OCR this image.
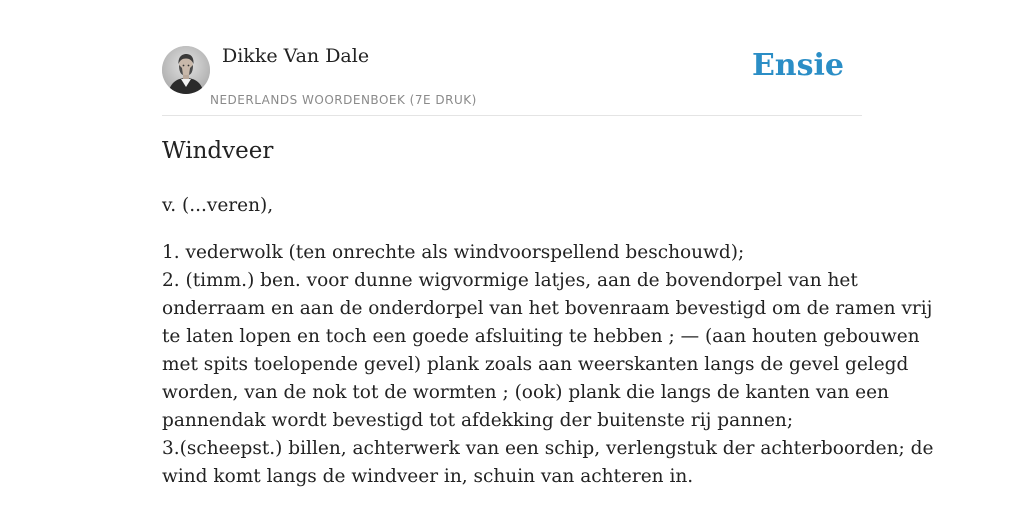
Dikke Van Dale
NEDERLANDS WOORDENBOEK (7E DRUK)
Ensie
Windveer

v. (...veren),

1. vederwolk (ten onrechte als windvoorspellend beschouwd);
2. (timm.) ben. voor dunne wigvormige latjes, aan de bovendorpel van het
onderraam en aan de onderdorpel van het bovenraam bevestigd om de ramen vrij
te laten lopen en toch een goede afsluiting te hebben ; — (aan houten gebouwen
met spits toelopende gevel) plank zoals aan weerskanten langs de gevel gelegd
worden, van de nok tot de wormten ; (ook) plank die langs de kanten van een
pannendak wordt bevestigd tot afdekking der buitenste rij pannen;
3.(scheepst.) billen, achterwerk van een schip, verlengstuk der achterboorden; de
wind komt langs de windveer in, schuin van achteren in.
